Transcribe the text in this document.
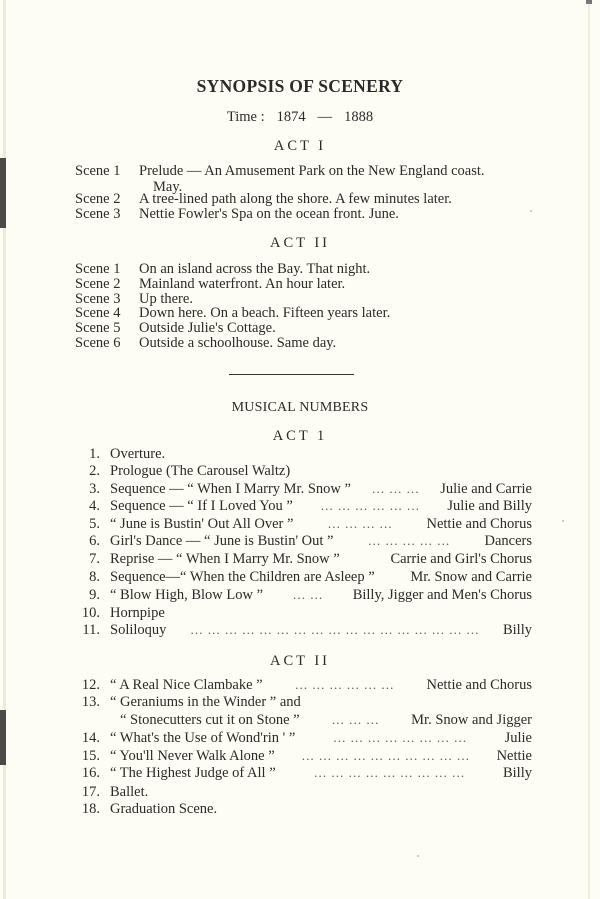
SYNOPSIS OF SCENERY
Time : 1874 — 1888
ACT I
Scene 1 Prelude — An Amusement Park on the New England coast.
May.
Scene 2 A tree-lined path along the shore. A few minutes later.
Scene 3 Nettie Fowler's Spa on the ocean front. June.
ACT II
Scene 1 On an island across the Bay. That night.
Scene 2 Mainland waterfront. An hour later.
Scene 3 Up there.
Scene 4 Down here. On a beach. Fifteen years later.
Scene 5 Outside Julie's Cottage.
Scene 6 Outside a schoolhouse. Same day.
MUSICAL NUMBERS
ACT 1
1. Overture.
2. Prologue (The Carousel Waltz)
3. Sequence — “ When I Marry Mr. Snow ”	… … …	Julie and Carrie
4. Sequence — “ If I Loved You ”	… … … … … …	Julie and Billy
5. “ June is Bustin' Out All Over ”	… … … …	Nettie and Chorus
6. Girl's Dance — “ June is Bustin' Out ”	… … … … …	Dancers
7. Reprise — “ When I Marry Mr. Snow ”	Carrie and Girl's Chorus
8. Sequence—“ When the Children are Asleep ” Mr. Snow and Carrie
9. “ Blow High, Blow Low ”	… …	Billy, Jigger and Men's Chorus
10. Hornpipe
11. Soliloquy	… … … … … … … … … … … … … … … … …	Billy
ACT II
12. “ A Real Nice Clambake ”	… … … … … …	Nettie and Chorus
13. “ Geraniums in the Winder ” and
“ Stonecutters cut it on Stone ”	… … …	Mr. Snow and Jigger
14. “ What's the Use of Wond'rin ' ”	… … … … … … … …	Julie
15. “ You'll Never Walk Alone ”	… … … … … … … … … …	Nettie
16. “ The Highest Judge of All ”	… … … … … … … … …	Billy
17. Ballet.
18. Graduation Scene.
